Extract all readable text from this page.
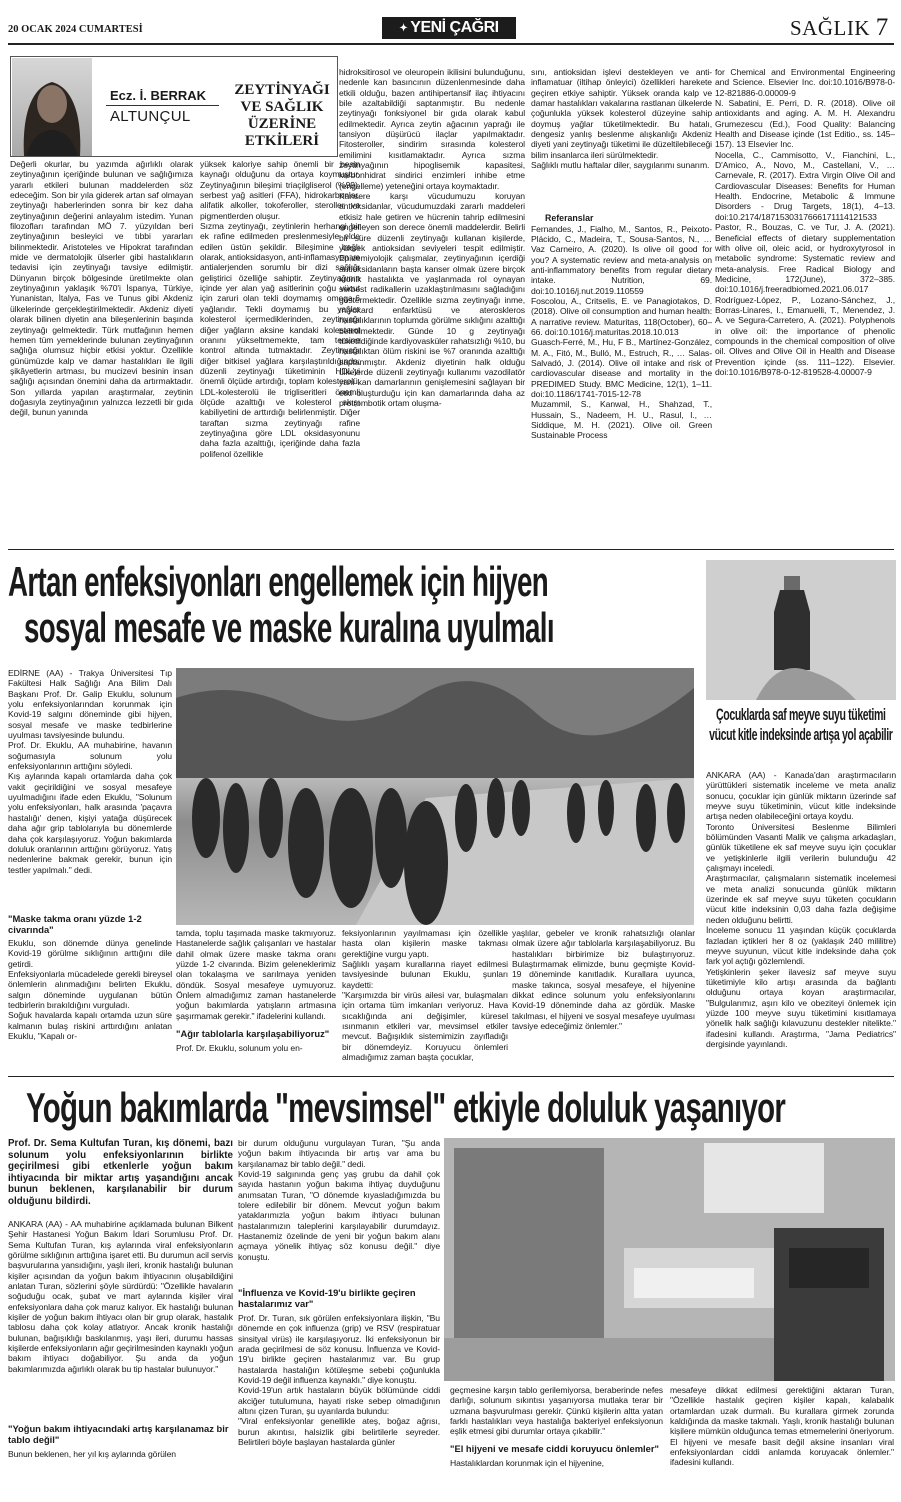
20 OCAK 2024 CUMARTESİ	✦ YENİ ÇAĞRI	SAĞLIK 7
Ecz. İ. BERRAK
ALTUNÇUL
ZEYTİNYAĞI VE SAĞLIK ÜZERİNE ETKİLERİ
Değerli okurlar, bu yazımda ağırlıklı olarak zeytinyağının içeriğinde bulunan ve sağlığımıza yararlı etkileri bulunan maddelerden söz edeceğim. Son bir yıla giderek artan saf olmayan zeytinyağı haberlerinden sonra bir kez daha zeytinyağının değerini anlayalım istedim. Yunan filozofları tarafından MÖ 7. yüzyıldan beri zeytinyağının besleyici ve tıbbi yararları bilinmektedir. Aristoteles ve Hipokrat tarafından mide ve dermatolojik ülserler gibi hastalıkların tedavisi için zeytinyağı tavsiye edilmiştir. Dünyanın birçok bölgesinde üretilmekte olan zeytinyağının yaklaşık %70'i İspanya, Türkiye, Yunanistan, İtalya, Fas ve Tunus gibi Akdeniz ülkelerinde gerçekleştirilmektedir. Akdeniz diyeti olarak bilinen diyetin ana bileşenlerinin başında zeytinyağı gelmektedir. Türk mutfağının hemen hemen tüm yemeklerinde bulunan zeytinyağının sağlığa olumsuz hiçbir etkisi yoktur. Özellikle günümüzde kalp ve damar hastalıkları ile ilgili şikâyetlerin artması, bu mucizevi besinin insan sağlığı açısından önemini daha da artırmaktadır. Son yıllarda yapılan araştırmalar, zeytinin doğasıyla zeytinyağının yalnızca lezzetli bir gıda değil, bunun yanında
yüksek kaloriye sahip önemli bir besin kaynağı olduğunu da ortaya koymuştur. Zeytinyağının bileşimi triaçilgliserol (%99), serbest yağ asitleri (FFA), hidrokarbonlar, alifatik alkoller, tokoferoller, steroller ve pigmentlerden oluşur.
Sızma zeytinyağı, zeytinlerin herhangi bir ek rafine edilmeden preslenmesiyle elde edilen üstün şekildir. Bileşimine bağlı olarak, antioksidasyon, anti-inflamasyon ve antialerjenden sorumlu bir dizi sağlığı geliştirici özelliğe sahiptir. Zeytinyağının içinde yer alan yağ asitlerinin çoğu vücut için zaruri olan tekli doymamış omega-6 yağlarıdır. Tekli doymamış bu yağlar kolesterol içermediklerinden, zeytinyağı diğer yağların aksine kandaki kolesterol oranını yükseltmemekte, tam tersine kontrol altında tutmaktadır. Zeytinyağı diğer bitkisel yağlara karşılaştırıldığında; düzenli zeytinyağı tüketiminin HDL'yi önemli ölçüde artırdığı, toplam kolesterolü, LDL-kolesterolü ile trigliseritleri önemli ölçüde azalttığı ve kolesterol akışı kabiliyetini de arttırdığı belirlenmiştir. Diğer taraftan sızma zeytinyağı rafine zeytinyağına göre LDL oksidasyonunu daha fazla azalttığı, içeriğinde daha fazla polifenol özellikle
hidroksitirosol ve oleuropein ikilisini bulunduğunu, nedenle kan basıncının düzenlenmesinde daha etkili olduğu, bazen antihipertansif ilaç ihtiyacını bile azaltabildiği saptanmıştır. Bu nedenle zeytinyağı fonksiyonel bir gıda olarak kabul edilmektedir. Ayrıca zeytin ağacının yaprağı ile tansiyon düşürücü ilaçlar yapılmaktadır. Fitosteroller, sindirim sırasında kolesterol emilimini kısıtlamaktadır. Ayrıca sızma zeytinyağının hipoglisemik kapasitesi, karbonhidrat sindirici enzimleri inhibe etme (engelleme) yeteneğini ortaya koymaktadır.
Kansere karşı vücudumuzu koruyan antioksidanlar, vücudumuzdaki zararlı maddeleri etkisiz hale getiren ve hücrenin tahrip edilmesini engelleyen son derece önemli maddelerdir. Belirli bir süre düzenli zeytinyağı kullanan kişilerde, yüksek antioksidan seviyeleri tespit edilmiştir. Epidemiyolojik çalışmalar, zeytinyağının içerdiği antioksidanların başta kanser olmak üzere birçok kronik hastalıkta ve yaşlanmada rol oynayan serbest radikallerin uzaklaştırılmasını sağladığını göstermektedir. Özellikle sızma zeytinyağı inme, miyokard enfarktüsü ve ateroskleros hastalıklarının toplumda görülme sıklığını azalttığı belirtilmektedir. Günde 10 g zeytinyağı tüketildiğinde kardiyovasküler rahatsızlığı %10, bu hastalıktan ölüm riskini ise %7 oranında azalttığı saptanmıştır. Akdeniz diyetinin halk olduğu ülkelerde düzenli zeytinyağı kullanımı vazodilatör yani kan damarlarının genişlemesini sağlayan bir etki oluşturduğu için kan damarlarında daha az protrombotik ortam oluşma-
sını, antioksidan işlevi destekleyen ve anti-inflamatuar (iltihap önleyici) özellikleri harekete geçiren etkiye sahiptir. Yüksek oranda kalp ve damar hastalıkları vakalarına rastlanan ülkelerde çoğunlukla yüksek kolesterol düzeyine sahip doymuş yağlar tüketilmektedir. Bu hatalı, dengesiz yanlış beslenme alışkanlığı Akdeniz diyeti yani zeytinyağı tüketimi ile düzeltilebileceği bilim insanlarca ileri sürülmektedir.
Sağlıklı mutlu haftalar diler, saygılarımı sunarım.
Referanslar
Fernandes, J., Fialho, M., Santos, R., Peixoto-Plácido, C., Madeira, T., Sousa-Santos, N., … Vaz Carneiro, A. (2020). Is olive oil good for you? A systematic review and meta-analysis on anti-inflammatory benefits from regular dietary intake. Nutrition, 69. doi:10.1016/j.nut.2019.110559
Foscolou, A., Critselis, E. ve Panagiotakos, D. (2018). Olive oil consumption and human health: A narrative review. Maturitas, 118(October), 60–66. doi:10.1016/j.maturitas.2018.10.013
Guasch-Ferré, M., Hu, F B., Martínez-González, M. A., Fitó, M., Bulló, M., Estruch, R., … Salas-Salvadó, J. (2014). Olive oil intake and risk of cardiovascular disease and mortality in the PREDIMED Study. BMC Medicine, 12(1), 1–11. doi:10.1186/1741-7015-12-78
Muzammil, S., Kanwal, H., Shahzad, T., Hussain, S., Nadeem, H. U., Rasul, I., … Siddique, M. H. (2021). Olive oil. Green Sustainable Process
for Chemical and Environmental Engineering and Science. Elsevier Inc. doi:10.1016/B978-0-12-821886-0.00009-9
N. Sabatini, E. Perri, D. R. (2018). Olive oil antioxidants and aging. A. M. H. Alexandru Grumezescu (Ed.), Food Quality: Balancing Health and Disease içinde (1st Editio., ss. 145–157). 13 Elsevier Inc.
Nocella, C., Cammisotto, V., Fianchini, L., D'Amico, A., Novo, M., Castellani, V., … Carnevale, R. (2017). Extra Virgin Olive Oil and Cardiovascular Diseases: Benefits for Human Health. Endocrine, Metabolic & Immune Disorders - Drug Targets, 18(1), 4–13. doi:10.2174/1871530317666171114121533
Pastor, R., Bouzas, C. ve Tur, J. A. (2021). Beneficial effects of dietary supplementation with olive oil, oleic acid, or hydroxytyrosol in metabolic syndrome: Systematic review and meta-analysis. Free Radical Biology and Medicine, 172(June), 372–385. doi:10.1016/j.freeradbiomed.2021.06.017
Rodríguez-López, P., Lozano-Sánchez, J., Borras-Linares, I., Emanuelli, T., Menendez, J. A. ve Segura-Carretero, A. (2021). Polyphenols in olive oil: the importance of phenolic compounds in the chemical composition of olive oil. Olives and Olive Oil in Health and Disease Prevention içinde (ss. 111–122). Elsevier. doi:10.1016/B978-0-12-819528-4.00007-9
Artan enfeksiyonları engellemek için hijyen
sosyal mesafe ve maske kuralına uyulmalı
EDİRNE (AA) - Trakya Üniversitesi Tıp Fakültesi Halk Sağlığı Ana Bilim Dalı Başkanı Prof. Dr. Galip Ekuklu, solunum yolu enfeksiyonlarından korunmak için Kovid-19 salgını döneminde gibi hijyen, sosyal mesafe ve maske tedbirlerine uyulması tavsiyesinde bulundu.
Prof. Dr. Ekuklu, AA muhabirine, havanın soğumasıyla solunum yolu enfeksiyonlarının arttığını söyledi.
Kış aylarında kapalı ortamlarda daha çok vakit geçirildiğini ve sosyal mesafeye uyulmadığını ifade eden Ekuklu, "Solunum yolu enfeksiyonları, halk arasında 'paçavra hastalığı' denen, kişiyi yatağa düşürecek daha ağır grip tablolarıyla bu dönemlerde daha çok karşılaşıyoruz. Yoğun bakımlarda doluluk oranlarının arttığını görüyoruz. Yatış nedenlerine bakmak gerekir, bunun için testler yapılmalı." dedi.
"Maske takma oranı yüzde 1-2 civarında"
Ekuklu, son dönemde dünya genelinde Kovid-19 görülme sıklığının arttığını dile getirdi.
Enfeksiyonlarla mücadelede gerekli bireysel önlemlerin alınmadığını belirten Ekuklu, salgın döneminde uygulanan bütün tedbirlerin bırakıldığını vurguladı.
Soğuk havalarda kapalı ortamda uzun süre kalmanın bulaş riskini arttırdığını anlatan Ekuklu, "Kapalı or-
tamda, toplu taşımada maske takmıyoruz. Hastanelerde sağlık çalışanları ve hastalar dahil olmak üzere maske takma oranı yüzde 1-2 civarında. Bizim geleneklerimiz olan tokalaşma ve sarılmaya yeniden döndük. Sosyal mesafeye uymuyoruz. Önlem almadığımız zaman hastanelerde yoğun bakımlarda yatışların artmasına şaşırmamak gerekir." ifadelerini kullandı.
"Ağır tablolarla karşılaşabiliyoruz"
Prof. Dr. Ekuklu, solunum yolu en-
feksiyonlarının yayılmaması için özellikle hasta olan kişilerin maske takması gerektiğine vurgu yaptı.
Sağlıklı yaşam kurallarına riayet edilmesi tavsiyesinde bulunan Ekuklu, şunları kaydetti:
"Karşımızda bir virüs ailesi var, bulaşmaları için ortama tüm imkanları veriyoruz. Hava sıcaklığında ani değişimler, küresel ısınmanın etkileri var, mevsimsel etkiler mevcut. Bağışıklık sistemimizin zayıfladığı bir dönemdeyiz. Koruyucu önlemleri almadığımız zaman başta çocuklar,
yaşlılar, gebeler ve kronik rahatsızlığı olanlar olmak üzere ağır tablolarla karşılaşabiliyoruz. Bu hastalıkları birbirimize biz bulaştırıyoruz. Bulaştırmamak elimizde, bunu geçmişte Kovid-19 döneminde kanıtladık. Kurallara uyunca, maske takınca, sosyal mesafeye, el hijyenine dikkat edince solunum yolu enfeksiyonlarını Kovid-19 döneminde daha az gördük. Maske takılması, el hijyeni ve sosyal mesafeye uyulması tavsiye edeceğimiz önlemler."
Çocuklarda saf meyve suyu tüketimi vücut kitle indeksinde artışa yol açabilir
ANKARA (AA) - Kanada'dan araştırmacıların yürüttükleri sistematik inceleme ve meta analiz sonucu, çocuklar için günlük miktarın üzerinde saf meyve suyu tüketiminin, vücut kitle indeksinde artışa neden olabileceğini ortaya koydu.
Toronto Üniversitesi Beslenme Bilimleri bölümünden Vasanti Malik ve çalışma arkadaşları, günlük tüketilene ek saf meyve suyu için çocuklar ve yetişkinlerle ilgili verilerin bulunduğu 42 çalışmayı inceledi.
Araştırmacılar, çalışmaların sistematik incelemesi ve meta analizi sonucunda günlük miktarın üzerinde ek saf meyve suyu tüketen çocukların vücut kitle indeksinin 0,03 daha fazla değişime neden olduğunu belirtti.
İnceleme sonucu 11 yaşından küçük çocuklarda fazladan içtikleri her 8 oz (yaklaşık 240 mililitre) meyve suyunun, vücut kitle indeksinde daha çok fark yol açtığı gözlemlendi.
Yetişkinlerin şeker ilavesiz saf meyve suyu tüketimiyle kilo artışı arasında da bağlantı olduğunu ortaya koyan araştırmacılar, "Bulgularımız, aşırı kilo ve obeziteyi önlemek için yüzde 100 meyve suyu tüketimini kısıtlamaya yönelik halk sağlığı kılavuzunu destekler nitelikte." ifadesini kullandı. Araştırma, "Jama Pediatrics" dergisinde yayınlandı.
Yoğun bakımlarda "mevsimsel" etkiyle doluluk yaşanıyor
Prof. Dr. Sema Kultufan Turan, kış dönemi, bazı solunum yolu enfeksiyonlarının birlikte geçirilmesi gibi etkenlerle yoğun bakım ihtiyacında bir miktar artış yaşandığını ancak bunun beklenen, karşılanabilir bir durum olduğunu bildirdi.
ANKARA (AA) - AA muhabirine açıklamada bulunan Bilkent Şehir Hastanesi Yoğun Bakım İdari Sorumlusu Prof. Dr. Sema Kultufan Turan, kış aylarında viral enfeksiyonların görülme sıklığının arttığına işaret etti. Bu durumun acil servis başvurularına yansıdığını, yaşlı ileri, kronik hastalığı bulunan kişiler açısından da yoğun bakım ihtiyacının oluşabildiğini anlatan Turan, sözlerini şöyle sürdürdü: "Özellikle havaların soğuduğu ocak, şubat ve mart aylarında kişiler viral enfeksiyonlara daha çok maruz kalıyor. Ek hastalığı bulunan kişiler de yoğun bakım ihtiyacı olan bir grup olarak, hastalık tablosu daha çok kolay atlatıyor. Ancak kronik hastalığı bulunan, bağışıklığı baskılanmış, yaşı ileri, durumu hassas kişilerde enfeksiyonların ağır geçirilmesinden kaynaklı yoğun bakım ihtiyacı doğabiliyor. Şu anda da yoğun bakımlarımızda ağırlıklı olarak bu tip hastalar bulunuyor."
"Yoğun bakım ihtiyacındaki artış karşılanamaz bir tablo değil"
Bunun beklenen, her yıl kış aylarında görülen
bir durum olduğunu vurgulayan Turan, "Şu anda yoğun bakım ihtiyacında bir artış var ama bu karşılanamaz bir tablo değil." dedi.
Kovid-19 salgınında genç yaş grubu da dahil çok sayıda hastanın yoğun bakıma ihtiyaç duyduğunu anımsatan Turan, "O dönemde kıyasladığımızda bu tolere edilebilir bir dönem. Mevcut yoğun bakım yataklarımızla yoğun bakım ihtiyacı bulunan hastalarımızın taleplerini karşılayabilir durumdayız. Hastanemiz özelinde de yeni bir yoğun bakım alanı açmaya yönelik ihtiyaç söz konusu değil." diye konuştu.
"İnfluenza ve Kovid-19'u birlikte geçiren hastalarımız var"
Prof. Dr. Turan, sık görülen enfeksiyonlara ilişkin, "Bu dönemde en çok influenza (grip) ve RSV (respiratuar sinsityal virüs) ile karşılaşıyoruz. İki enfeksiyonun bir arada geçirilmesi de söz konusu. İnfluenza ve Kovid-19'u birlikte geçiren hastalarımız var. Bu grup hastalarda hastalığın kötüleşme sebebi çoğunlukla Kovid-19 değil influenza kaynaklı." diye konuştu.
Kovid-19'un artık hastaların büyük bölümünde ciddi akciğer tutulumuna, hayati riske sebep olmadığının altını çizen Turan, şu uyarılarda bulundu:
"Viral enfeksiyonlar genellikle ateş, boğaz ağrısı, burun akıntısı, halsizlik gibi belirtilerle seyreder. Belirtileri böyle başlayan hastalarda günler
geçmesine karşın tablo gerilemiyorsa, beraberinde nefes darlığı, solunum sıkıntısı yaşanıyorsa mutlaka terar bir uzmana başvurulması gerekir. Çünkü kişilerin altta yatan farklı hastalıkları veya hastalığa bakteriyel enfeksiyonun eşlik etmesi gibi durumlar ortaya çıkabilir."
"El hijyeni ve mesafe ciddi koruyucu önlemler"
Hastalıklardan korunmak için el hijyenine,
mesafeye dikkat edilmesi gerektiğini aktaran Turan, "Özellikle hastalık geçiren kişiler kapalı, kalabalık ortamlardan uzak durmalı. Bu kurallara girmek zorunda kaldığında da maske takmalı. Yaşlı, kronik hastalığı bulunan kişilere mümkün olduğunca temas etmemelerini öneriyorum. El hijyeni ve mesafe basit değil aksine insanları viral enfeksiyonlardan ciddi anlamda koruyacak önlemler." ifadesini kullandı.
